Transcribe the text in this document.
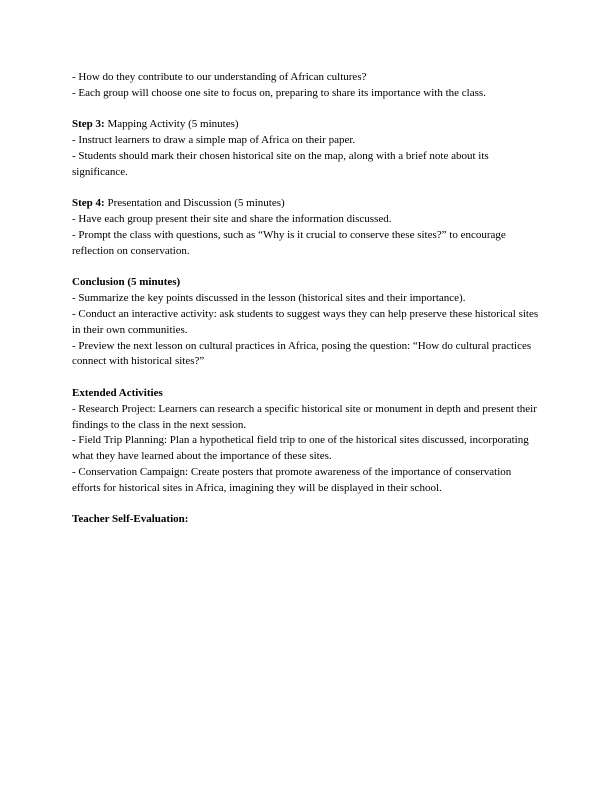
- How do they contribute to our understanding of African cultures?
- Each group will choose one site to focus on, preparing to share its importance with the class.
Step 3: Mapping Activity (5 minutes)
- Instruct learners to draw a simple map of Africa on their paper.
- Students should mark their chosen historical site on the map, along with a brief note about its significance.
Step 4: Presentation and Discussion (5 minutes)
- Have each group present their site and share the information discussed.
- Prompt the class with questions, such as “Why is it crucial to conserve these sites?” to encourage reflection on conservation.
Conclusion (5 minutes)
- Summarize the key points discussed in the lesson (historical sites and their importance).
- Conduct an interactive activity: ask students to suggest ways they can help preserve these historical sites in their own communities.
- Preview the next lesson on cultural practices in Africa, posing the question: “How do cultural practices connect with historical sites?”
Extended Activities
- Research Project: Learners can research a specific historical site or monument in depth and present their findings to the class in the next session.
- Field Trip Planning: Plan a hypothetical field trip to one of the historical sites discussed, incorporating what they have learned about the importance of these sites.
- Conservation Campaign: Create posters that promote awareness of the importance of conservation efforts for historical sites in Africa, imagining they will be displayed in their school.
Teacher Self-Evaluation:
